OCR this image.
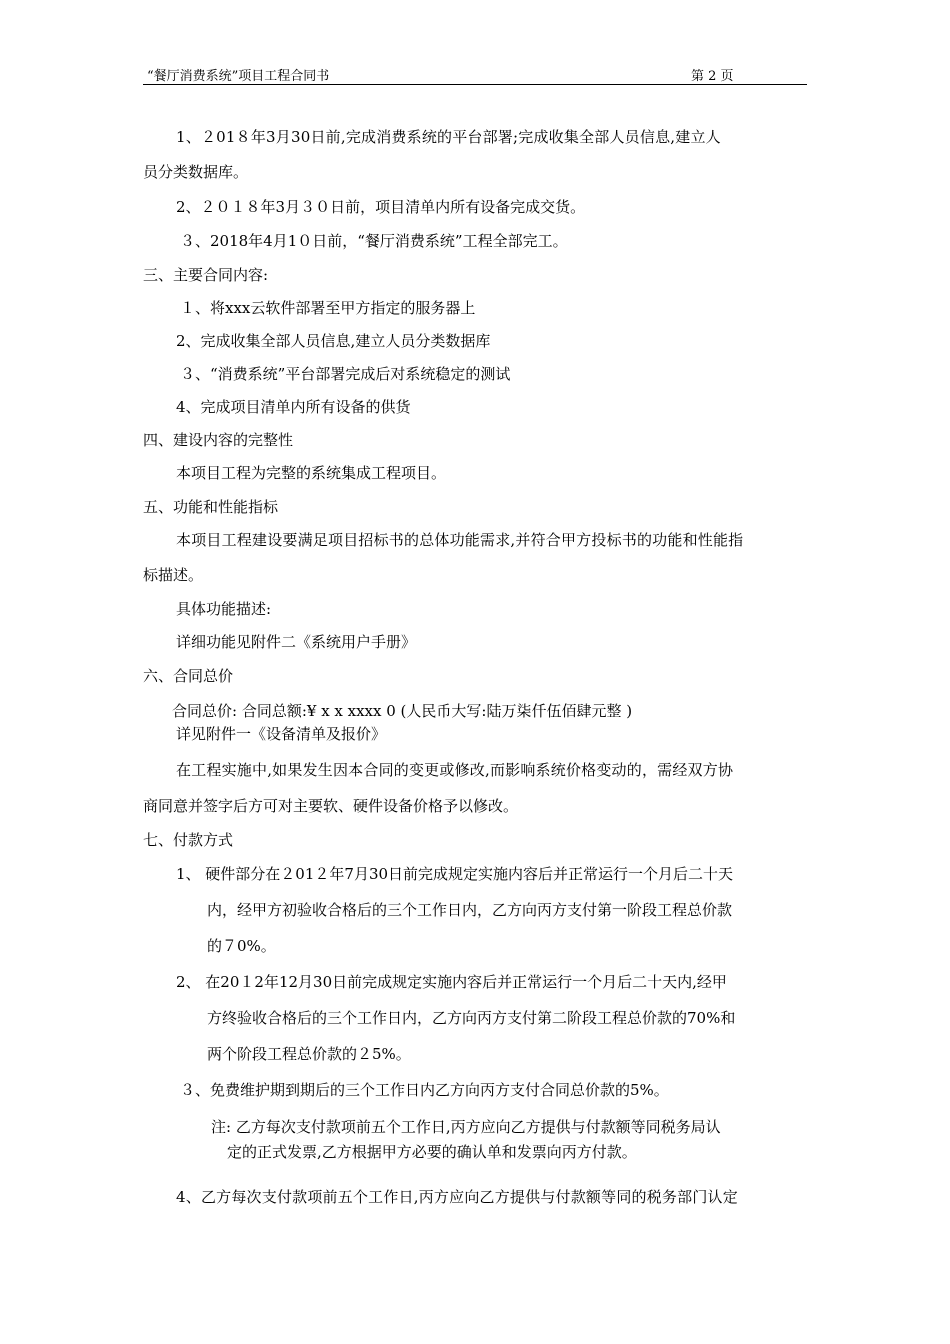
“餐厅消费系统”项目工程合同书	第 2 页
1、２01８年3月30日前,完成消费系统的平台部署;完成收集全部人员信息,建立人
员分类数据库。
2、２０１８年3月３０日前，项目清单内所有设备完成交货。
３、2018年4月1０日前，“餐厅消费系统”工程全部完工。
三、主要合同内容:
１、将xxx云软件部署至甲方指定的服务器上
2、完成收集全部人员信息,建立人员分类数据库
３、“消费系统”平台部署完成后对系统稳定的测试
4、完成项目清单内所有设备的供货
四、建设内容的完整性
本项目工程为完整的系统集成工程项目。
五、功能和性能指标
本项目工程建设要满足项目招标书的总体功能需求,并符合甲方投标书的功能和性能指
标描述。
具体功能描述:
详细功能见附件二《系统用户手册》
六、合同总价
合同总价: 合同总额:¥ x x xxxx 0 (人民币大写:陆万柒仟伍佰肆元整 )
详见附件一《设备清单及报价》
在工程实施中,如果发生因本合同的变更或修改,而影响系统价格变动的，需经双方协
商同意并签字后方可对主要软、硬件设备价格予以修改。
七、付款方式
1、 硬件部分在２01２年7月30日前完成规定实施内容后并正常运行一个月后二十天
内，经甲方初验收合格后的三个工作日内，乙方向丙方支付第一阶段工程总价款
的７0%。
2、 在20１2年12月30日前完成规定实施内容后并正常运行一个月后二十天内,经甲
方终验收合格后的三个工作日内，乙方向丙方支付第二阶段工程总价款的70%和
两个阶段工程总价款的２5%。
３、免费维护期到期后的三个工作日内乙方向丙方支付合同总价款的5%。
注: 乙方每次支付款项前五个工作日,丙方应向乙方提供与付款额等同税务局认
定的正式发票,乙方根据甲方必要的确认单和发票向丙方付款。
4、乙方每次支付款项前五个工作日,丙方应向乙方提供与付款额等同的税务部门认定
